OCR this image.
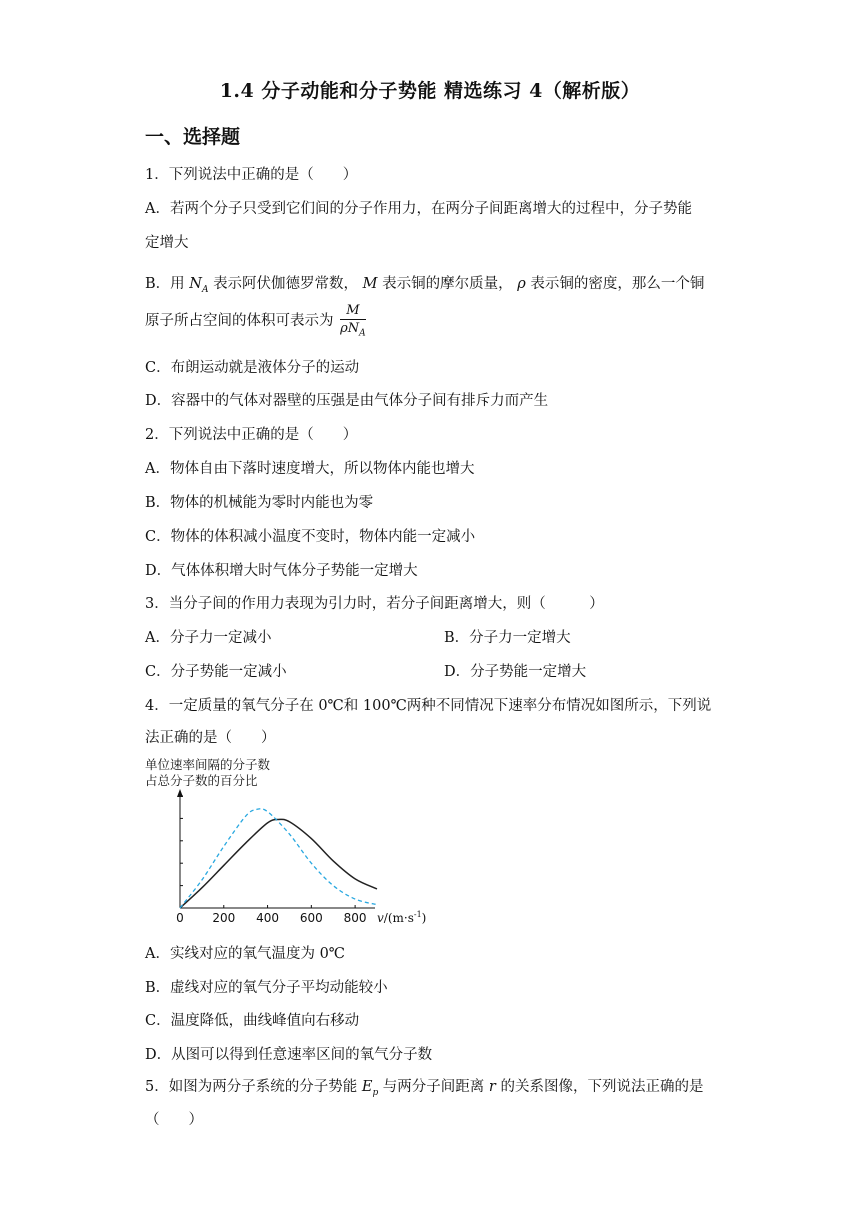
1.4 分子动能和分子势能 精选练习 4（解析版）
一、选择题
1．下列说法中正确的是（　　）
A．若两个分子只受到它们间的分子作用力，在两分子间距离增大的过程中，分子势能
定增大
B．用 $N_A$ 表示阿伏伽德罗常数， M 表示铜的摩尔质量， ρ 表示铜的密度，那么一个铜
原子所占空间的体积可表示为 $\frac{M}{\rho N_A}$
C．布朗运动就是液体分子的运动
D．容器中的气体对器壁的压强是由气体分子间有排斥力而产生
2．下列说法中正确的是（　　）
A．物体自由下落时速度增大，所以物体内能也增大
B．物体的机械能为零时内能也为零
C．物体的体积减小温度不变时，物体内能一定减小
D．气体体积增大时气体分子势能一定增大
3．当分子间的作用力表现为引力时，若分子间距离增大，则（　　　）
A．分子力一定减小	B．分子力一定增大
C．分子势能一定减小	D．分子势能一定增大
4．一定质量的氧气分子在 0℃和 100℃两种不同情况下速率分布情况如图所示，下列说
法正确的是（　　）
单位速率间隔的分子数
占总分子数的百分比
0 200 400 600 800 $v/(m\cdot s^{-1})$
A．实线对应的氧气温度为 0℃
B．虚线对应的氧气分子平均动能较小
C．温度降低，曲线峰值向右移动
D．从图可以得到任意速率区间的氧气分子数
5．如图为两分子系统的分子势能 $E_p$ 与两分子间距离 r 的关系图像，下列说法正确的是
（　　）
